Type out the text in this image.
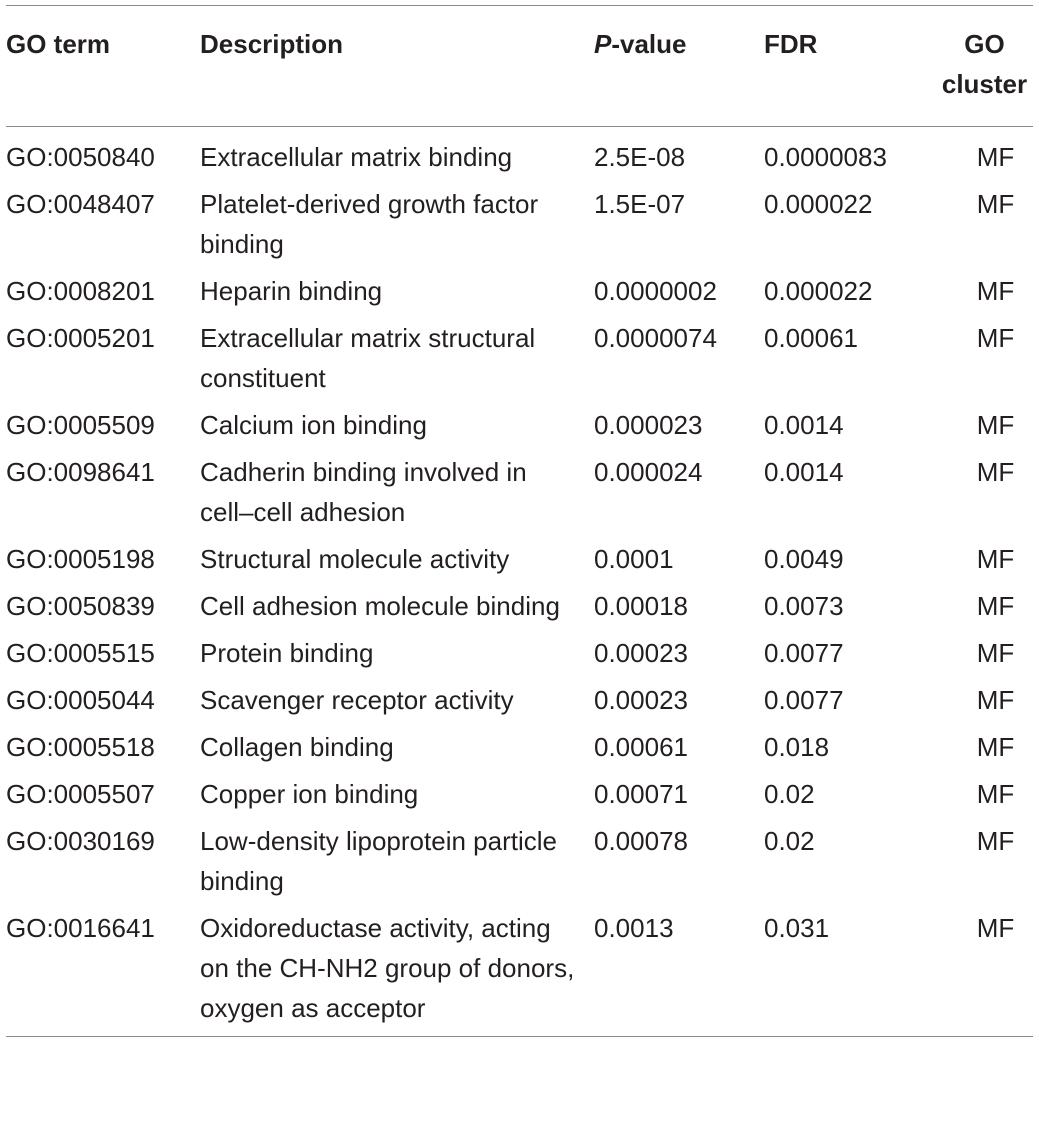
GO term	Description	P-value	FDR	GO
cluster
GO:0050840	Extracellular matrix binding	2.5E-08	0.0000083	MF
GO:0048407	Platelet-derived growth factor binding	1.5E-07	0.000022	MF
GO:0008201	Heparin binding	0.0000002	0.000022	MF
GO:0005201	Extracellular matrix structural constituent	0.0000074	0.00061	MF
GO:0005509	Calcium ion binding	0.000023	0.0014	MF
GO:0098641	Cadherin binding involved in cell–cell adhesion	0.000024	0.0014	MF
GO:0005198	Structural molecule activity	0.0001	0.0049	MF
GO:0050839	Cell adhesion molecule binding	0.00018	0.0073	MF
GO:0005515	Protein binding	0.00023	0.0077	MF
GO:0005044	Scavenger receptor activity	0.00023	0.0077	MF
GO:0005518	Collagen binding	0.00061	0.018	MF
GO:0005507	Copper ion binding	0.00071	0.02	MF
GO:0030169	Low-density lipoprotein particle binding	0.00078	0.02	MF
GO:0016641	Oxidoreductase activity, acting on the CH-NH2 group of donors, oxygen as acceptor	0.0013	0.031	MF
